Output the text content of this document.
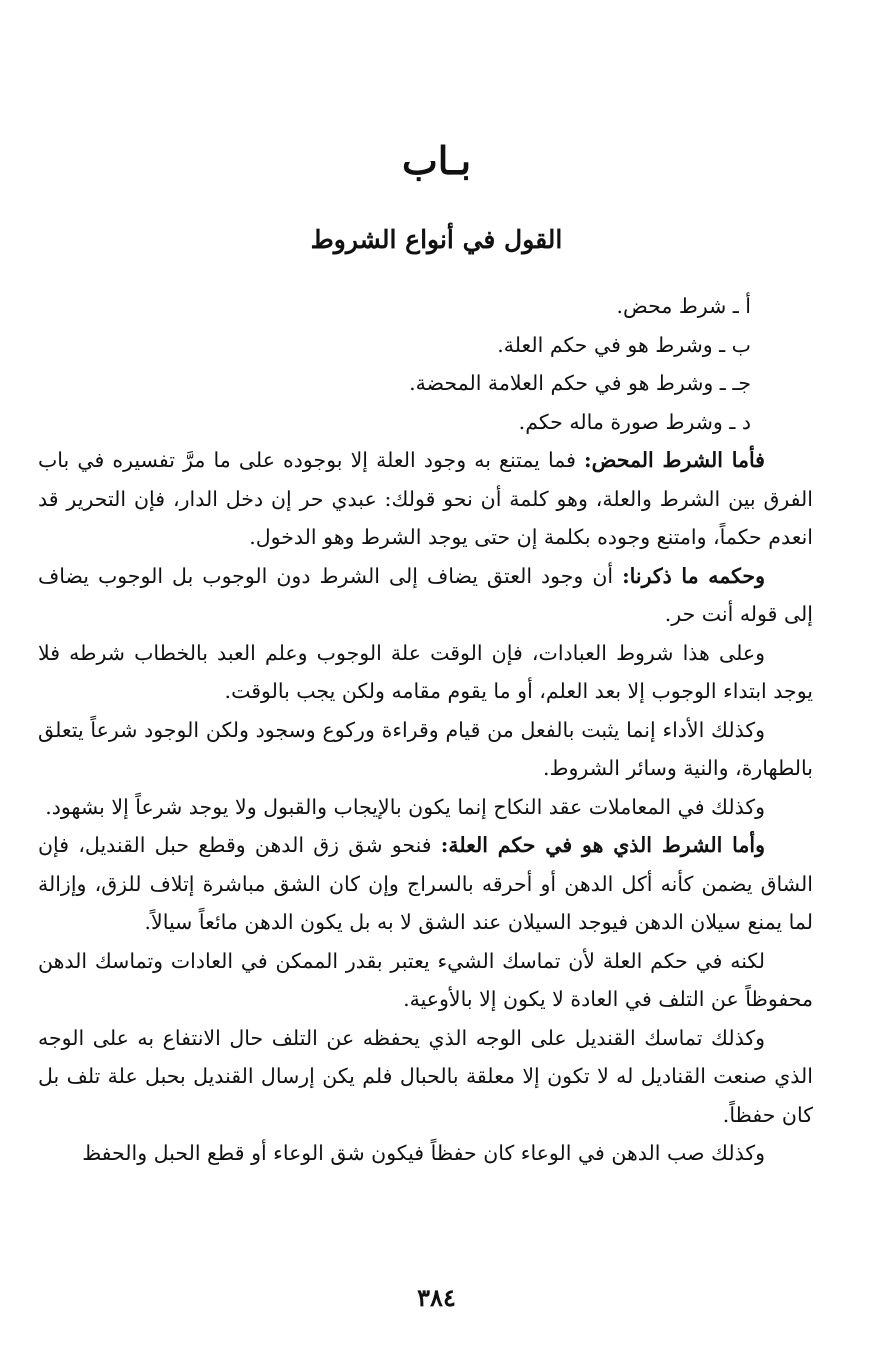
بـاب
القول في أنواع الشروط

أ ـ شرط محض.

ب ـ وشرط هو في حكم العلة.

جـ ـ وشرط هو في حكم العلامة المحضة.

د ـ وشرط صورة ماله حكم.

فأما الشرط المحض: فما يمتنع به وجود العلة إلا بوجوده على ما مرَّ تفسيره في باب الفرق بين الشرط والعلة، وهو كلمة أن نحو قولك: عبدي حر إن دخل الدار، فإن التحرير قد انعدم حكماً، وامتنع وجوده بكلمة إن حتى يوجد الشرط وهو الدخول.

وحكمه ما ذكرنا: أن وجود العتق يضاف إلى الشرط دون الوجوب بل الوجوب يضاف إلى قوله أنت حر.

وعلى هذا شروط العبادات، فإن الوقت علة الوجوب وعلم العبد بالخطاب شرطه فلا يوجد ابتداء الوجوب إلا بعد العلم، أو ما يقوم مقامه ولكن يجب بالوقت.

وكذلك الأداء إنما يثبت بالفعل من قيام وقراءة وركوع وسجود ولكن الوجود شرعاً يتعلق بالطهارة، والنية وسائر الشروط.

وكذلك في المعاملات عقد النكاح إنما يكون بالإيجاب والقبول ولا يوجد شرعاً إلا بشهود.

وأما الشرط الذي هو في حكم العلة: فنحو شق زق الدهن وقطع حبل القنديل، فإن الشاق يضمن كأنه أكل الدهن أو أحرقه بالسراج وإن كان الشق مباشرة إتلاف للزق، وإزالة لما يمنع سيلان الدهن فيوجد السيلان عند الشق لا به بل يكون الدهن مائعاً سيالاً.

لكنه في حكم العلة لأن تماسك الشيء يعتبر بقدر الممكن في العادات وتماسك الدهن محفوظاً عن التلف في العادة لا يكون إلا بالأوعية.

وكذلك تماسك القنديل على الوجه الذي يحفظه عن التلف حال الانتفاع به على الوجه الذي صنعت القناديل له لا تكون إلا معلقة بالحبال فلم يكن إرسال القنديل بحبل علة تلف بل كان حفظاً.

وكذلك صب الدهن في الوعاء كان حفظاً فيكون شق الوعاء أو قطع الحبل والحفظ

٣٨٤
